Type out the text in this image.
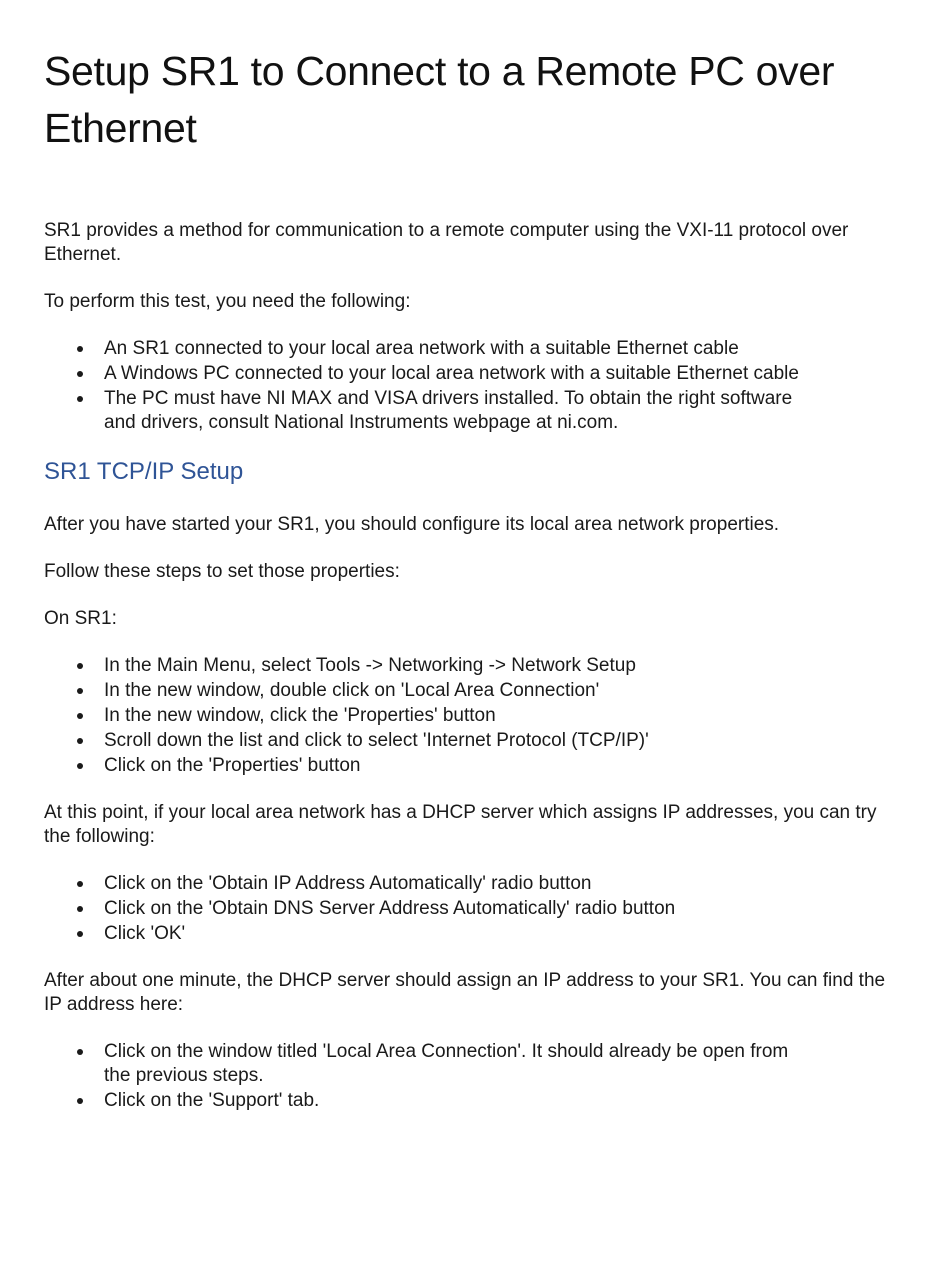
Setup SR1 to Connect to a Remote PC over Ethernet

SR1 provides a method for communication to a remote computer using the VXI-11 protocol over Ethernet.

To perform this test, you need the following:

An SR1 connected to your local area network with a suitable Ethernet cable
A Windows PC connected to your local area network with a suitable Ethernet cable
The PC must have NI MAX and VISA drivers installed. To obtain the right software and drivers, consult National Instruments webpage at ni.com.
SR1 TCP/IP Setup

After you have started your SR1, you should configure its local area network properties.

Follow these steps to set those properties:

On SR1:

In the Main Menu, select Tools -> Networking -> Network Setup
In the new window, double click on 'Local Area Connection'
In the new window, click the 'Properties' button
Scroll down the list and click to select 'Internet Protocol (TCP/IP)'
Click on the 'Properties' button

At this point, if your local area network has a DHCP server which assigns IP addresses, you can try the following:

Click on the 'Obtain IP Address Automatically' radio button
Click on the 'Obtain DNS Server Address Automatically' radio button
Click 'OK'

After about one minute, the DHCP server should assign an IP address to your SR1. You can find the IP address here:

Click on the window titled 'Local Area Connection'. It should already be open from the previous steps.
Click on the 'Support' tab.
